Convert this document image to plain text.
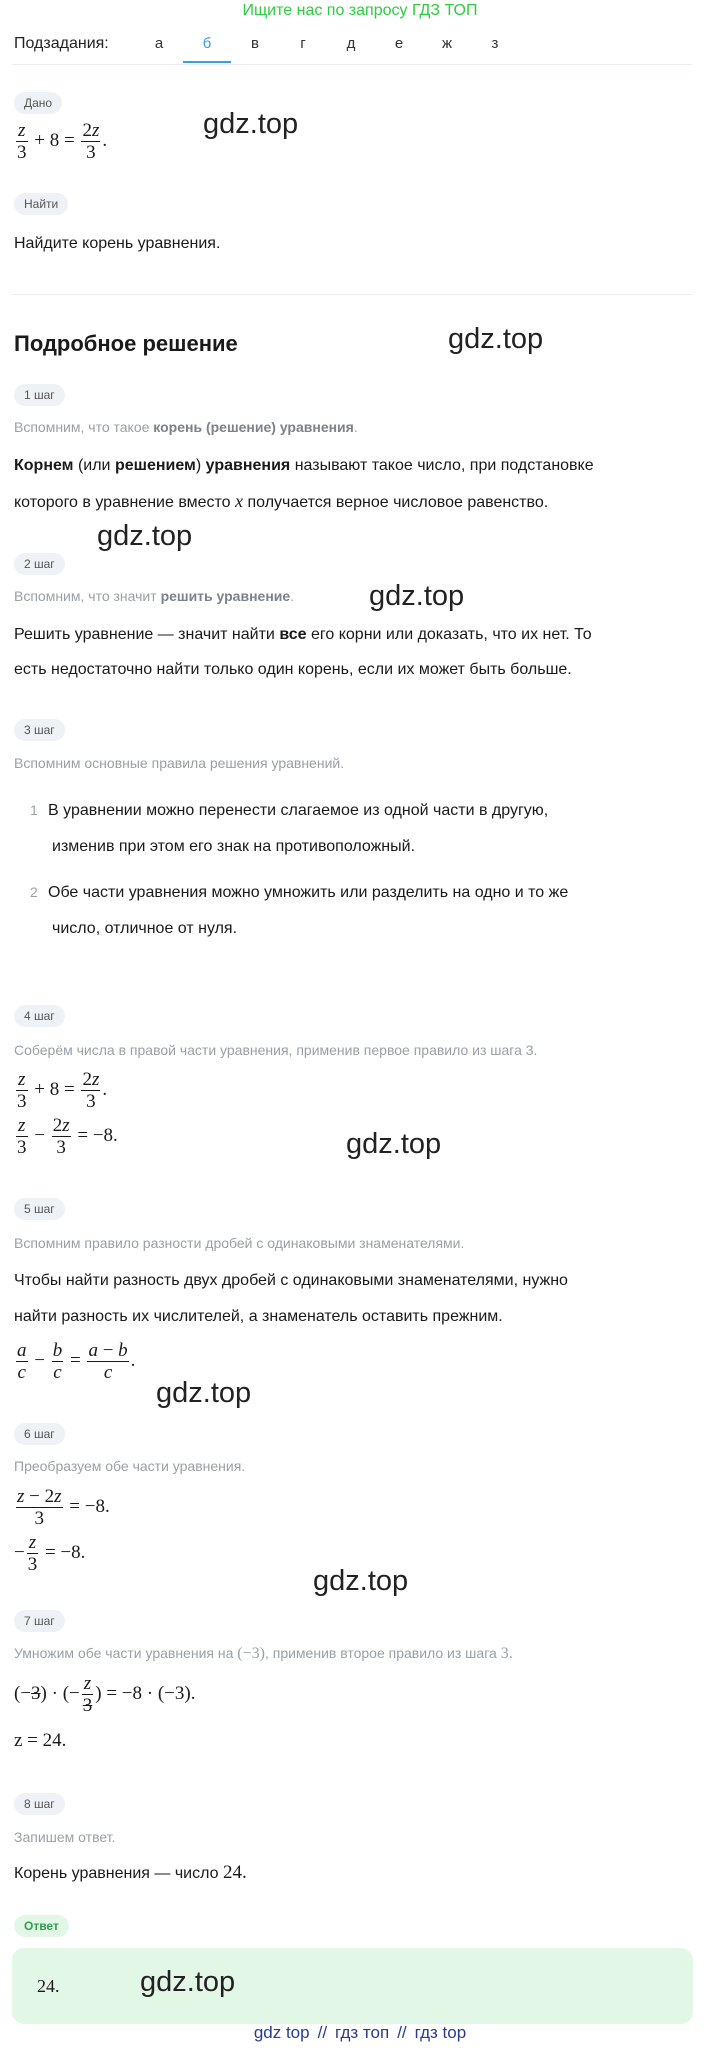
Ищите нас по запросу ГДЗ ТОП
Подзадания:	а	б	в	г	д	е	ж	з
Дано
$\frac{z}{3} + 8 = \frac{2z}{3}$ .
gdz.top
Найти
Найдите корень уравнения.
Подробное решение	gdz.top
1 шаг
Вспомним, что такое корень (решение) уравнения.
Корнем (или решением) уравнения называют такое число, при подстановке
которого в уравнение вместо x получается верное числовое равенство.
gdz.top
2 шаг
Вспомним, что значит решить уравнение.	gdz.top
Решить уравнение — значит найти все его корни или доказать, что их нет. То
есть недостаточно найти только один корень, если их может быть больше.
3 шаг
Вспомним основные правила решения уравнений.
1 В уравнении можно перенести слагаемое из одной части в другую,
изменив при этом его знак на противоположный.
2 Обе части уравнения можно умножить или разделить на одно и то же
число, отличное от нуля.
4 шаг
Соберём числа в правой части уравнения, применив первое правило из шага 3.
$\frac{z}{3} + 8 = \frac{2z}{3}$ .
$\frac{z}{3} - \frac{2z}{3} = -8$.	gdz.top
5 шаг
Вспомним правило разности дробей с одинаковыми знаменателями.
Чтобы найти разность двух дробей с одинаковыми знаменателями, нужно
найти разность их числителей, а знаменатель оставить прежним.
$\frac{a}{c} - \frac{b}{c} = \frac{a - b}{c}$ .
gdz.top
6 шаг
Преобразуем обе части уравнения.
$\frac{z - 2z}{3} = -8$.
− $\frac{z}{3} = -8$.
gdz.top
7 шаг
Умножим обе части уравнения на (−3), применив второе правило из шага 3.
(−3) · (− $\frac{z}{3}$ ) = −8 · (−3).
z = 24.
8 шаг
Запишем ответ.
Корень уравнения — число 24.
Ответ
24.	gdz.top
gdz top // гдз топ // гдз top
